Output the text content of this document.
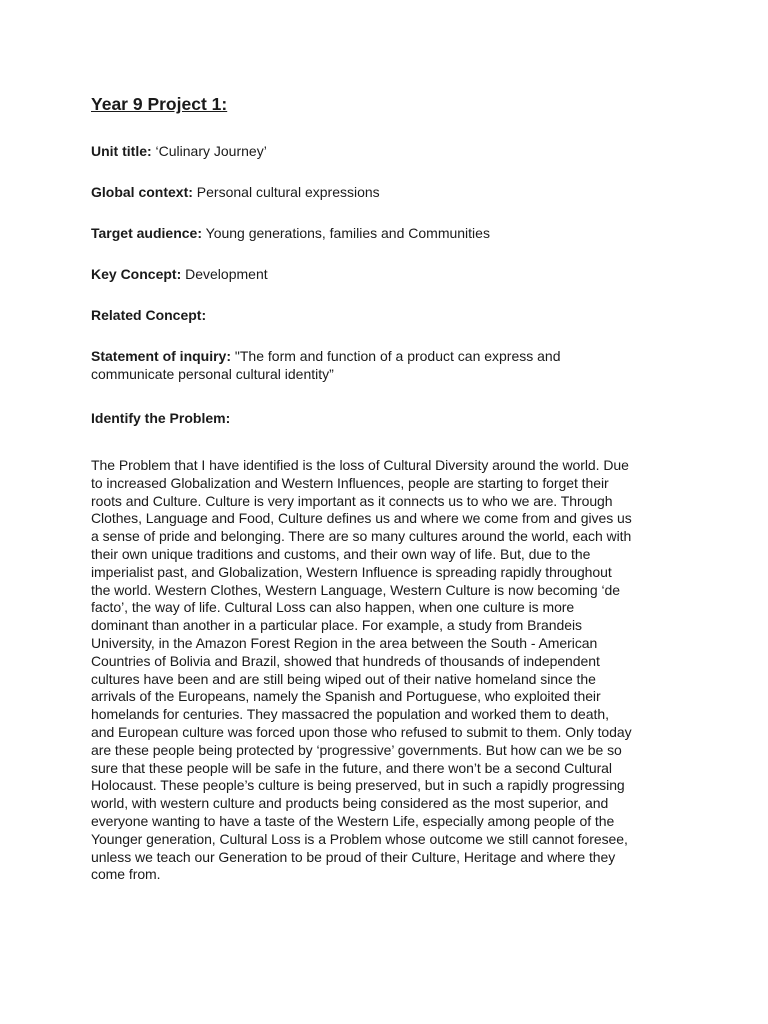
Year 9 Project 1:

Unit title: ‘Culinary Journey’

Global context: Personal cultural expressions

Target audience: Young generations, families and Communities

Key Concept: Development

Related Concept:

Statement of inquiry: "The form and function of a product can express and
communicate personal cultural identity”

Identify the Problem:

The Problem that I have identified is the loss of Cultural Diversity around the world. Due
to increased Globalization and Western Influences, people are starting to forget their
roots and Culture. Culture is very important as it connects us to who we are. Through
Clothes, Language and Food, Culture defines us and where we come from and gives us
a sense of pride and belonging. There are so many cultures around the world, each with
their own unique traditions and customs, and their own way of life. But, due to the
imperialist past, and Globalization, Western Influence is spreading rapidly throughout
the world. Western Clothes, Western Language, Western Culture is now becoming ‘de
facto’, the way of life. Cultural Loss can also happen, when one culture is more
dominant than another in a particular place. For example, a study from Brandeis
University, in the Amazon Forest Region in the area between the South - American
Countries of Bolivia and Brazil, showed that hundreds of thousands of independent
cultures have been and are still being wiped out of their native homeland since the
arrivals of the Europeans, namely the Spanish and Portuguese, who exploited their
homelands for centuries. They massacred the population and worked them to death,
and European culture was forced upon those who refused to submit to them. Only today
are these people being protected by ‘progressive’ governments. But how can we be so
sure that these people will be safe in the future, and there won’t be a second Cultural
Holocaust. These people’s culture is being preserved, but in such a rapidly progressing
world, with western culture and products being considered as the most superior, and
everyone wanting to have a taste of the Western Life, especially among people of the
Younger generation, Cultural Loss is a Problem whose outcome we still cannot foresee,
unless we teach our Generation to be proud of their Culture, Heritage and where they
come from.
